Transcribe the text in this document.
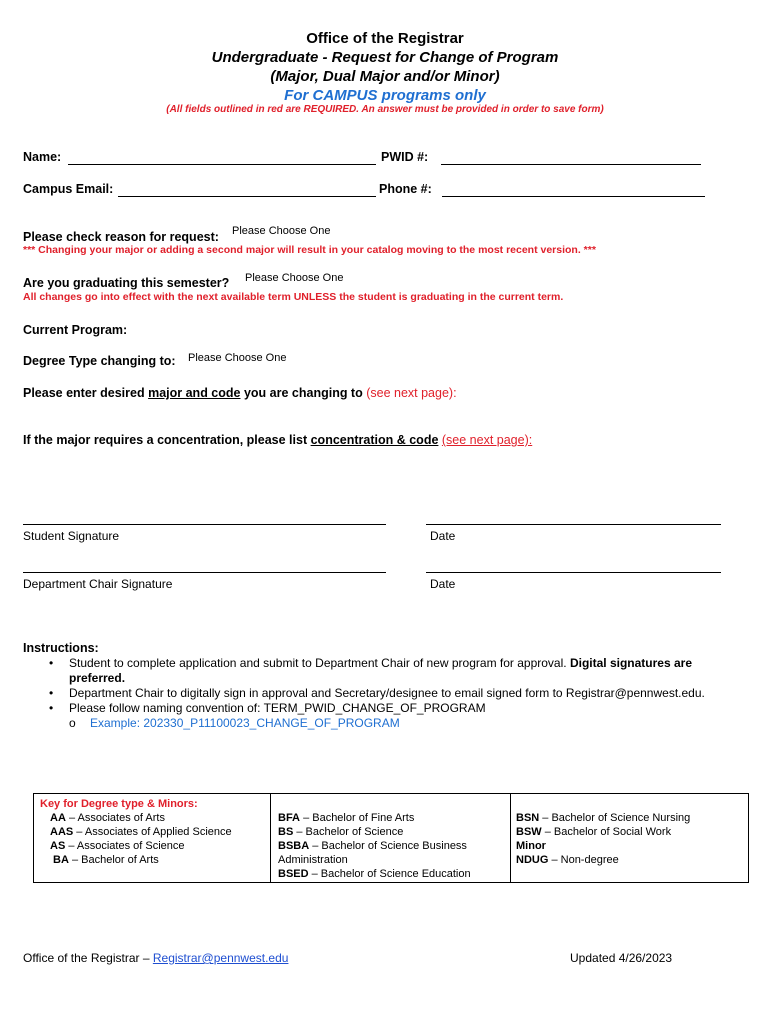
Office of the Registrar
Undergraduate - Request for Change of Program
(Major, Dual Major and/or Minor)
For CAMPUS programs only
(All fields outlined in red are REQUIRED. An answer must be provided in order to save form)
Name:	PWID #:
Campus Email:	Phone #:
Please check reason for request: Please Choose One
*** Changing your major or adding a second major will result in your catalog moving to the most recent version. ***
Are you graduating this semester? Please Choose One
All changes go into effect with the next available term UNLESS the student is graduating in the current term.
Current Program:
Degree Type changing to: Please Choose One
Please enter desired major and code you are changing to (see next page):
If the major requires a concentration, please list concentration & code (see next page):
Student Signature	Date
Department Chair Signature	Date
Instructions:
• Student to complete application and submit to Department Chair of new program for approval. Digital signatures are
preferred.
• Department Chair to digitally sign in approval and Secretary/designee to email signed form to Registrar@pennwest.edu.
• Please follow naming convention of: TERM_PWID_CHANGE_OF_PROGRAM
o Example: 202330_P11100023_CHANGE_OF_PROGRAM
Key for Degree type & Minors:
AA – Associates of Arts
AAS – Associates of Applied Science
AS – Associates of Science
BA – Bachelor of Arts
BFA – Bachelor of Fine Arts
BS – Bachelor of Science
BSBA – Bachelor of Science Business
Administration
BSED – Bachelor of Science Education
BSN – Bachelor of Science Nursing
BSW – Bachelor of Social Work
Minor
NDUG – Non-degree
Office of the Registrar – Registrar@pennwest.edu	Updated 4/26/2023
